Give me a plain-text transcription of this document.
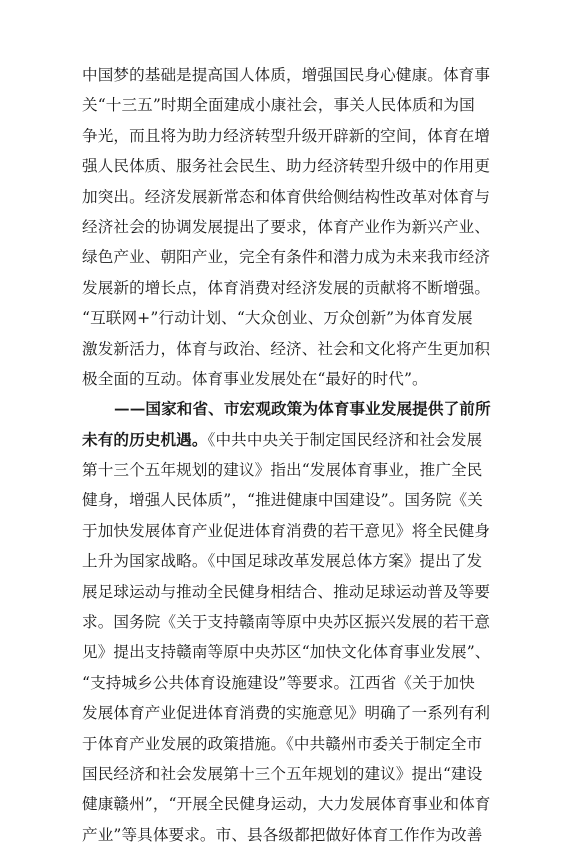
中国梦的基础是提高国人体质，增强国民身心健康。体育事
关“十三五”时期全面建成小康社会，事关人民体质和为国
争光，而且将为助力经济转型升级开辟新的空间，体育在增
强人民体质、服务社会民生、助力经济转型升级中的作用更
加突出。经济发展新常态和体育供给侧结构性改革对体育与
经济社会的协调发展提出了要求，体育产业作为新兴产业、
绿色产业、朝阳产业，完全有条件和潜力成为未来我市经济
发展新的增长点，体育消费对经济发展的贡献将不断增强。
“互联网+”行动计划、“大众创业、万众创新”为体育发展
激发新活力，体育与政治、经济、社会和文化将产生更加积
极全面的互动。体育事业发展处在“最好的时代”。
——国家和省、市宏观政策为体育事业发展提供了前所
未有的历史机遇。《中共中央关于制定国民经济和社会发展
第十三个五年规划的建议》指出“发展体育事业，推广全民
健身，增强人民体质”，“推进健康中国建设”。国务院《关
于加快发展体育产业促进体育消费的若干意见》将全民健身
上升为国家战略。《中国足球改革发展总体方案》提出了发
展足球运动与推动全民健身相结合、推动足球运动普及等要
求。国务院《关于支持赣南等原中央苏区振兴发展的若干意
见》提出支持赣南等原中央苏区“加快文化体育事业发展”、
“支持城乡公共体育设施建设”等要求。江西省《关于加快
发展体育产业促进体育消费的实施意见》明确了一系列有利
于体育产业发展的政策措施。《中共赣州市委关于制定全市
国民经济和社会发展第十三个五年规划的建议》提出“建设
健康赣州”，“开展全民健身运动，大力发展体育事业和体育
产业”等具体要求。市、县各级都把做好体育工作作为改善
